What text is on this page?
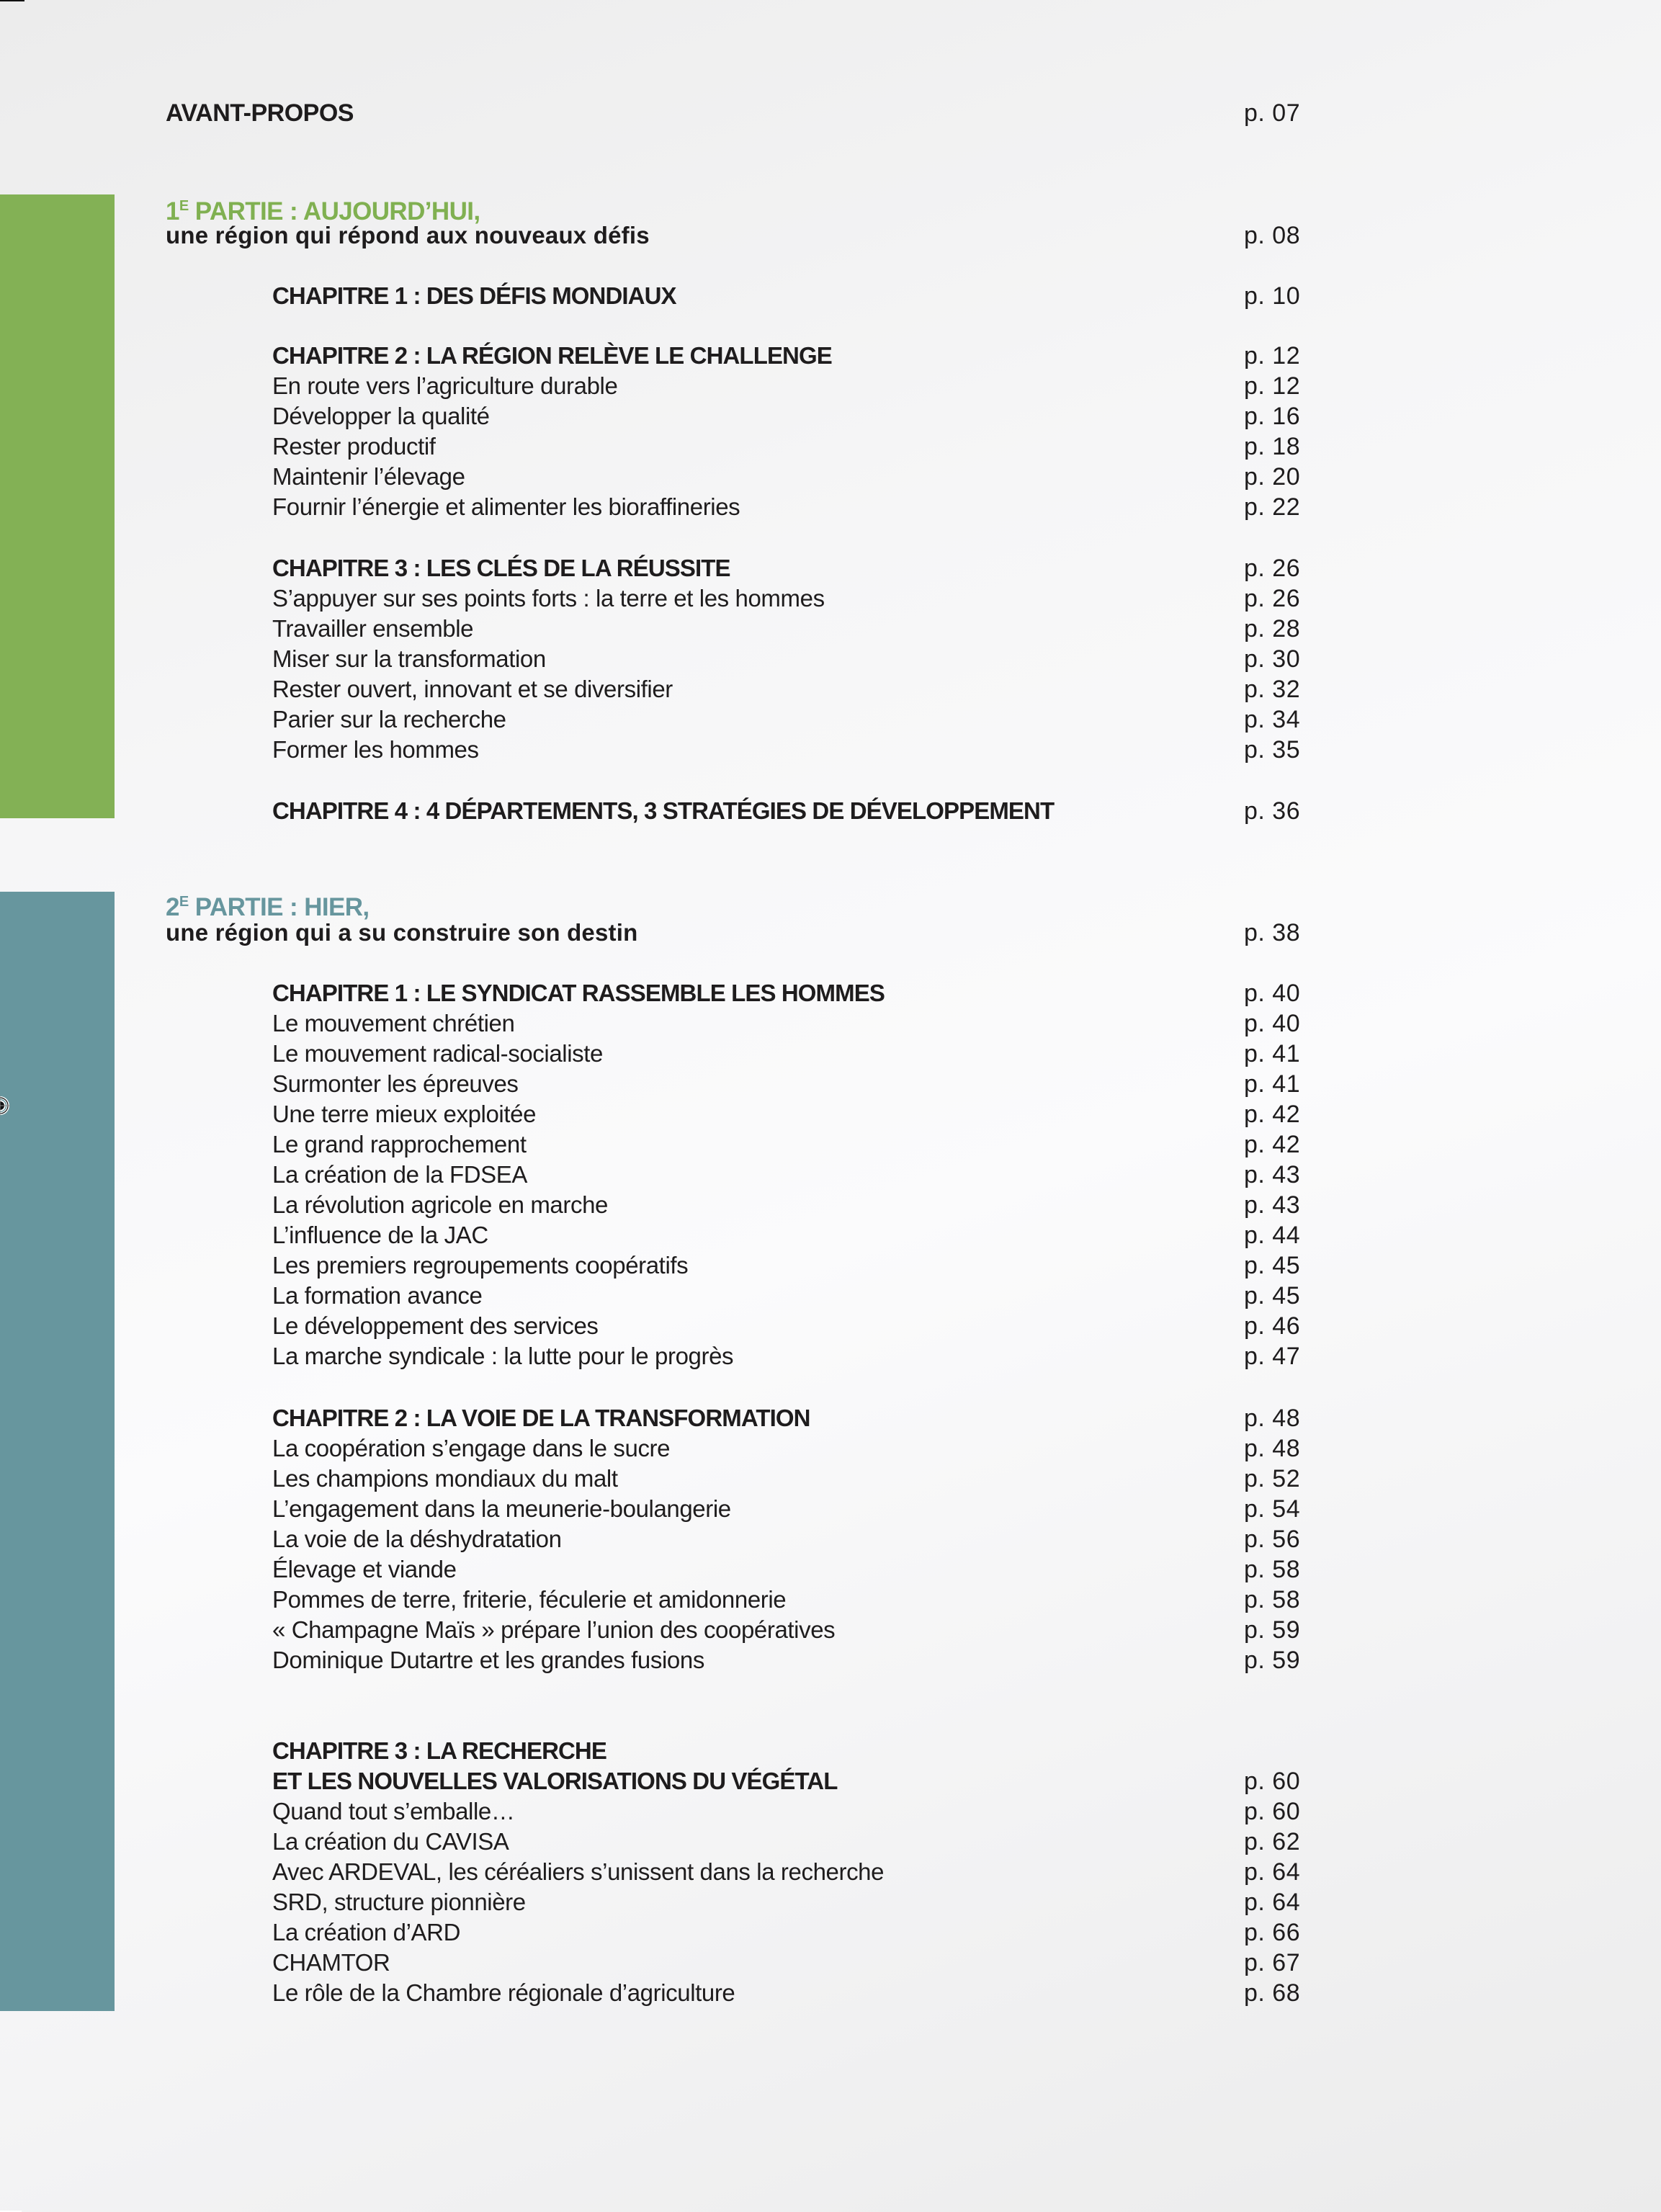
AVANT-PROPOS	p. 07
$1^E$ PARTIE : AUJOURD’HUI,
une région qui répond aux nouveaux défis	p. 08
CHAPITRE 1 : DES DÉFIS MONDIAUX	p. 10
CHAPITRE 2 : LA RÉGION RELÈVE LE CHALLENGE	p. 12
En route vers l’agriculture durable	p. 12
Développer la qualité	p. 16
Rester productif	p. 18
Maintenir l’élevage	p. 20
Fournir l’énergie et alimenter les bioraffineries	p. 22
CHAPITRE 3 : LES CLÉS DE LA RÉUSSITE	p. 26
S’appuyer sur ses points forts : la terre et les hommes	p. 26
Travailler ensemble	p. 28
Miser sur la transformation	p. 30
Rester ouvert, innovant et se diversifier	p. 32
Parier sur la recherche	p. 34
Former les hommes	p. 35
CHAPITRE 4 : 4 DÉPARTEMENTS, 3 STRATÉGIES DE DÉVELOPPEMENT	p. 36
$2^E$ PARTIE : HIER,
une région qui a su construire son destin	p. 38
CHAPITRE 1 : LE SYNDICAT RASSEMBLE LES HOMMES	p. 40
Le mouvement chrétien	p. 40
Le mouvement radical-socialiste	p. 41
Surmonter les épreuves	p. 41
Une terre mieux exploitée	p. 42
Le grand rapprochement	p. 42
La création de la FDSEA	p. 43
La révolution agricole en marche	p. 43
L’influence de la JAC	p. 44
Les premiers regroupements coopératifs	p. 45
La formation avance	p. 45
Le développement des services	p. 46
La marche syndicale : la lutte pour le progrès	p. 47
CHAPITRE 2 : LA VOIE DE LA TRANSFORMATION	p. 48
La coopération s’engage dans le sucre	p. 48
Les champions mondiaux du malt	p. 52
L’engagement dans la meunerie-boulangerie	p. 54
La voie de la déshydratation	p. 56
Élevage et viande	p. 58
Pommes de terre, friterie, féculerie et amidonnerie	p. 58
« Champagne Maïs » prépare l’union des coopératives	p. 59
Dominique Dutartre et les grandes fusions	p. 59
CHAPITRE 3 : LA RECHERCHE
ET LES NOUVELLES VALORISATIONS DU VÉGÉTAL	p. 60
Quand tout s’emballe…	p. 60
La création du CAVISA	p. 62
Avec ARDEVAL, les céréaliers s’unissent dans la recherche	p. 64
SRD, structure pionnière	p. 64
La création d’ARD	p. 66
CHAMTOR	p. 67
Le rôle de la Chambre régionale d’agriculture	p. 68
